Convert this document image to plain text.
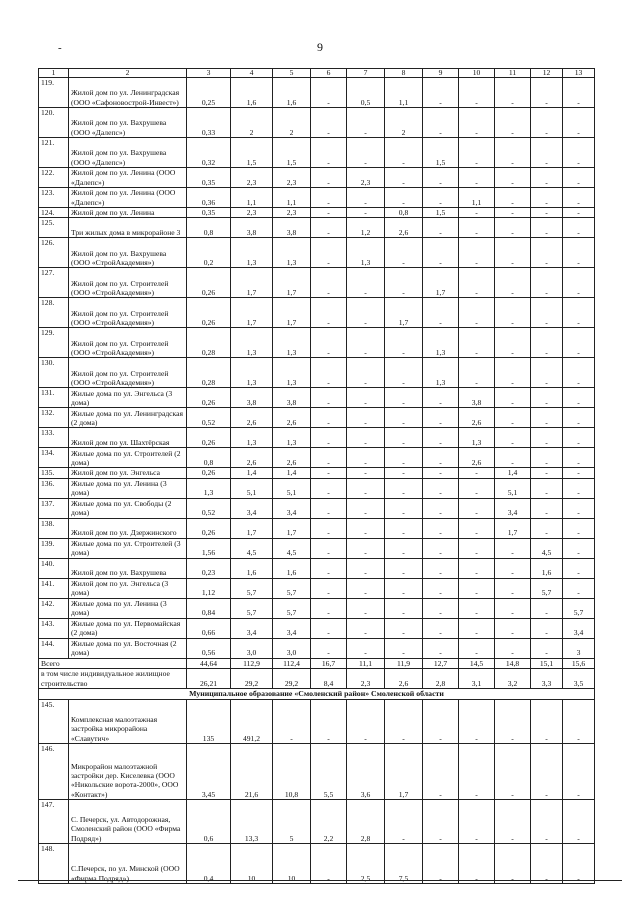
-	9
1	2	3	4	5	6	7	8	9	10	11	12	13
119.	Жилой дом по ул. Ленинградская (ООО «Сафоновострой-Инвест»)	0,25	1,6	1,6	-	0,5	1,1	-	-	-	-	-
120.	Жилой дом по ул. Вахрушева (ООО «Далепс»)	0,33	2	2	-	-	2	-	-	-	-	-
121.	Жилой дом по ул. Вахрушева (ООО «Далепс»)	0,32	1,5	1,5	-	-	-	1,5	-	-	-	-
122.	Жилой дом по ул. Ленина (ООО «Далепс»)	0,35	2,3	2,3	-	2,3	-	-	-	-	-	-
123.	Жилой дом по ул. Ленина (ООО «Далепс»)	0,36	1,1	1,1	-	-	-	-	1,1	-	-	-
124.	Жилой дом по ул. Ленина	0,35	2,3	2,3	-	-	0,8	1,5	-	-	-	-
125.	Три жилых дома в микрорайоне 3	0,8	3,8	3,8	-	1,2	2,6	-	-	-	-	-
126.	Жилой дом по ул. Вахрушева (ООО «СтройАкадемия»)	0,2	1,3	1,3	-	1,3	-	-	-	-	-	-
127.	Жилой дом по ул. Строителей (ООО «СтройАкадемия»)	0,26	1,7	1,7	-	-	-	1,7	-	-	-	-
128.	Жилой дом по ул. Строителей (ООО «СтройАкадемия»)	0,26	1,7	1,7	-	-	1,7	-	-	-	-	-
129.	Жилой дом по ул. Строителей (ООО «СтройАкадемия»)	0,28	1,3	1,3	-	-	-	1,3	-	-	-	-
130.	Жилой дом по ул. Строителей (ООО «СтройАкадемия»)	0,28	1,3	1,3	-	-	-	1,3	-	-	-	-
131.	Жилые дома по ул. Энгельса (3 дома)	0,26	3,8	3,8	-	-	-	-	3,8	-	-	-
132.	Жилые дома по ул. Ленинградская (2 дома)	0,52	2,6	2,6	-	-	-	-	2,6	-	-	-
133.	Жилой дом по ул. Шахтёрская	0,26	1,3	1,3	-	-	-	-	1,3	-	-	-
134.	Жилые дома по ул. Строителей (2 дома)	0,8	2,6	2,6	-	-	-	-	2,6	-	-	-
135.	Жилой дом по ул. Энгельса	0,26	1,4	1,4	-	-	-	-	-	1,4	-	-
136.	Жилые дома по ул. Ленина (3 дома)	1,3	5,1	5,1	-	-	-	-	-	5,1	-	-
137.	Жилые дома по ул. Свободы (2 дома)	0,52	3,4	3,4	-	-	-	-	-	3,4	-	-
138.	Жилой дом по ул. Дзержинского	0,26	1,7	1,7	-	-	-	-	-	1,7	-	-
139.	Жилые дома по ул. Строителей (3 дома)	1,56	4,5	4,5	-	-	-	-	-	-	4,5	-
140.	Жилой дом по ул. Вахрушева	0,23	1,6	1,6	-	-	-	-	-	-	1,6	-
141.	Жилой дом по ул. Энгельса (3 дома)	1,12	5,7	5,7	-	-	-	-	-	-	5,7	-
142.	Жилые дома по ул. Ленина (3 дома)	0,84	5,7	5,7	-	-	-	-	-	-	-	5,7
143.	Жилые дома по ул. Первомайская (2 дома)	0,66	3,4	3,4	-	-	-	-	-	-	-	3,4
144.	Жилые дома по ул. Восточная (2 дома)	0,56	3,0	3,0	-	-	-	-	-	-	-	3
Всего		44,64	112,9	112,4	16,7	11,1	11,9	12,7	14,5	14,8	15,1	15,6
в том числе индивидуальное жилищное строительство		26,21	29,2	29,2	8,4	2,3	2,6	2,8	3,1	3,2	3,3	3,5
Муниципальное образование «Смоленский район» Смоленской области												
145.	Комплексная малоэтажная застройка микрорайона «Славутич»	135	491,2	-	-	-	-	-	-	-	-	-
146.	Микрорайон малоэтажной застройки дер. Киселевка (ООО «Никольские ворота-2000», ООО «Контакт»)	3,45	21,6	10,8	5,5	3,6	1,7	-	-	-	-	-
147.	С. Печерск, ул. Автодорожная, Смоленский район (ООО «Фирма Подряд»)	0,6	13,3	5	2,2	2,8	-	-	-	-	-	-
148.	С.Печерск, по ул. Минской (ООО «Фирма Подряд»)	0,4	10	10	-	2,5	7,5	-	-	-	-	-
